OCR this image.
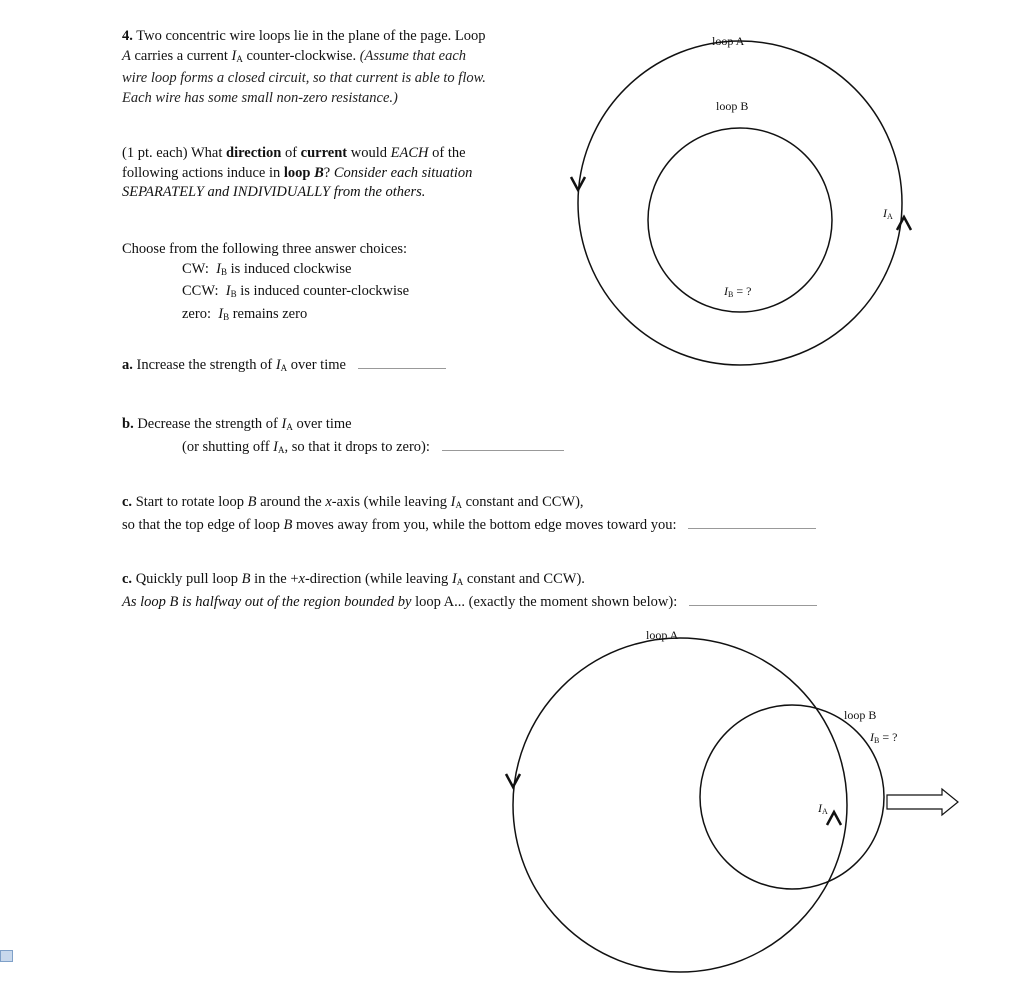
4. Two concentric wire loops lie in the plane of the page. Loop A carries a current $I_A$ counter-clockwise. (Assume that each wire loop forms a closed circuit, so that current is able to flow. Each wire has some small non-zero resistance.)
(1 pt. each) What direction of current would EACH of the following actions induce in loop B? Consider each situation SEPARATELY and INDIVIDUALLY from the others.
Choose from the following three answer choices:
CW: $I_B$ is induced clockwise
CCW: $I_B$ is induced counter-clockwise
zero: $I_B$ remains zero
a. Increase the strength of $I_A$ over time
b. Decrease the strength of $I_A$ over time
(or shutting off $I_A$, so that it drops to zero):
c. Start to rotate loop B around the x-axis (while leaving $I_A$ constant and CCW),
so that the top edge of loop B moves away from you, while the bottom edge moves toward you:
c. Quickly pull loop B in the +x-direction (while leaving $I_A$ constant and CCW).
As loop B is halfway out of the region bounded by loop A... (exactly the moment shown below):
loop A
loop B
IB = ?
IA
loop A
loop B
IB = ?
IA
